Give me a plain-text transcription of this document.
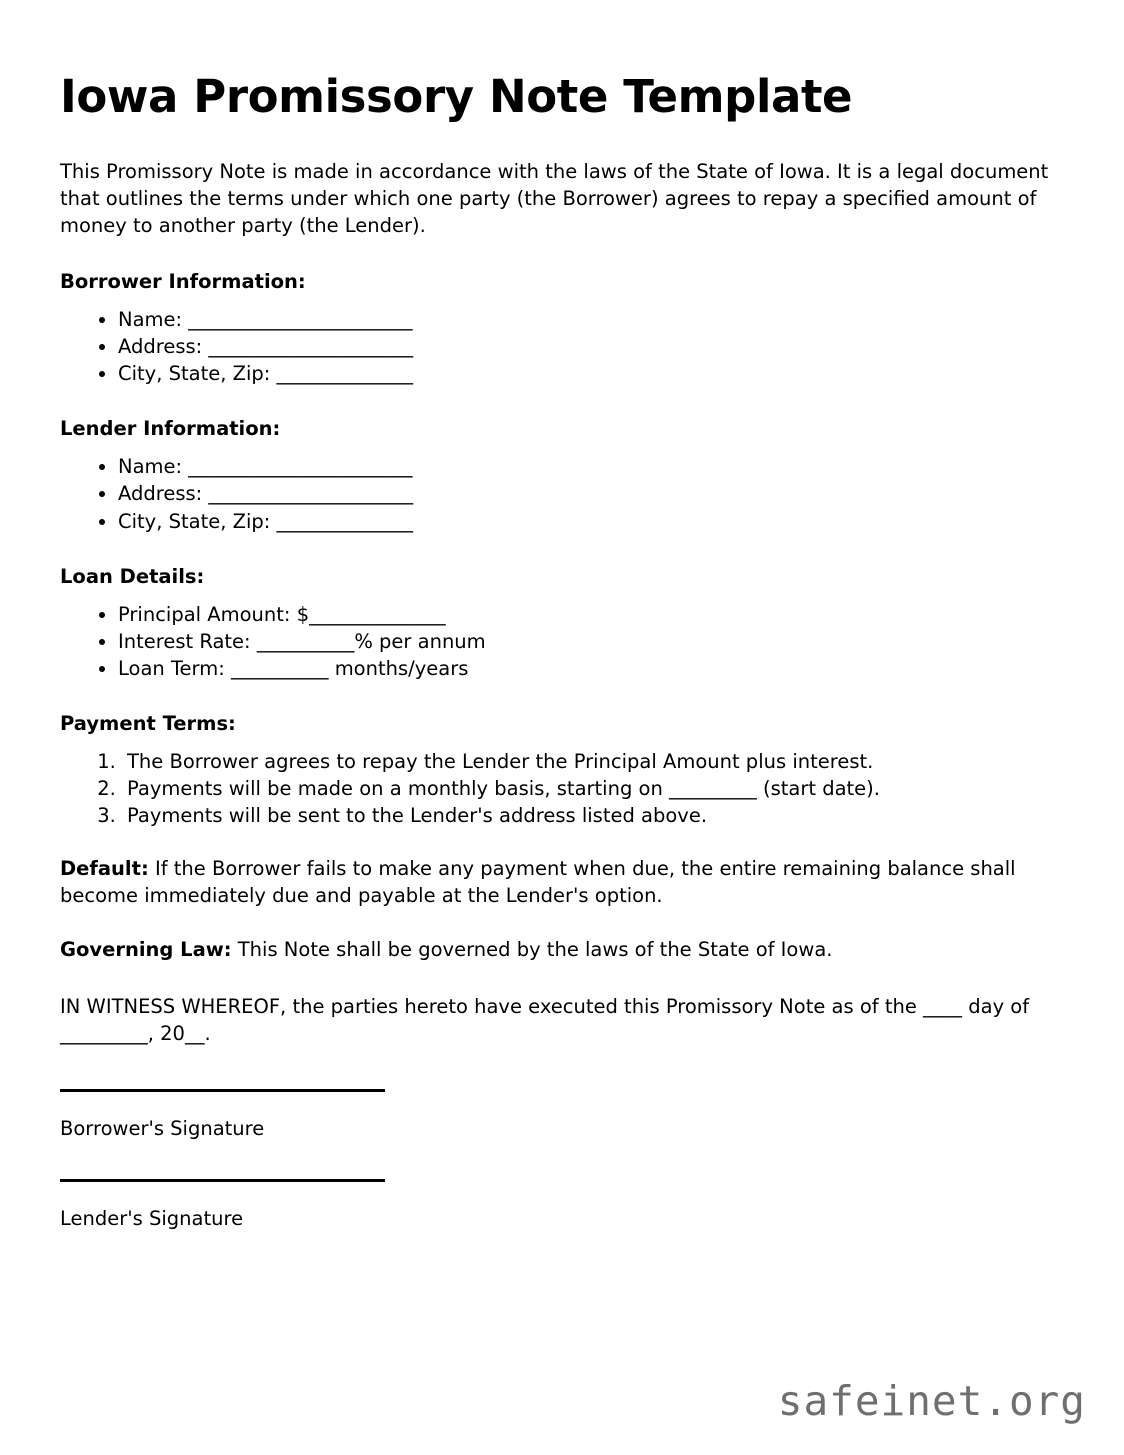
Iowa Promissory Note Template

This Promissory Note is made in accordance with the laws of the State of Iowa. It is a legal document that outlines the terms under which one party (the Borrower) agrees to repay a specified amount of money to another party (the Lender).

Borrower Information:
• Name: _______________________
• Address: _____________________
• City, State, Zip: ______________
Lender Information:
• Name: _______________________
• Address: _____________________
• City, State, Zip: ______________
Loan Details:
• Principal Amount: $______________
• Interest Rate: __________% per annum
• Loan Term: __________ months/years
Payment Terms:
1. The Borrower agrees to repay the Lender the Principal Amount plus interest.
2. Payments will be made on a monthly basis, starting on _________ (start date).
3. Payments will be sent to the Lender's address listed above.

Default: If the Borrower fails to make any payment when due, the entire remaining balance shall become immediately due and payable at the Lender's option.

Governing Law: This Note shall be governed by the laws of the State of Iowa.

IN WITNESS WHEREOF, the parties hereto have executed this Promissory Note as of the ____ day of _________, 20__.

Borrower's Signature
Lender's Signature
safeinet.org
